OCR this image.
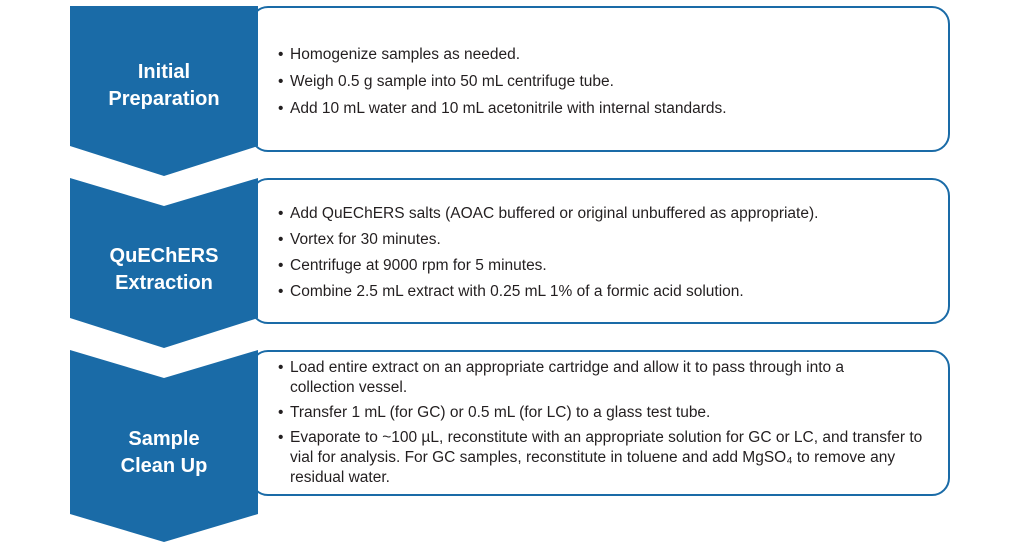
Initial
Preparation
• Homogenize samples as needed.
• Weigh 0.5 g sample into 50 mL centrifuge tube.
• Add 10 mL water and 10 mL acetonitrile with internal standards.
QuEChERS
Extraction
• Add QuEChERS salts (AOAC buffered or original unbuffered as appropriate).
• Vortex for 30 minutes.
• Centrifuge at 9000 rpm for 5 minutes.
• Combine 2.5 mL extract with 0.25 mL 1% of a formic acid solution.
Sample
Clean Up
• Load entire extract on an appropriate cartridge and allow it to pass through into a collection vessel.
• Transfer 1 mL (for GC) or 0.5 mL (for LC) to a glass test tube.
• Evaporate to ~100 µL, reconstitute with an appropriate solution for GC or LC, and transfer to vial for analysis. For GC samples, reconstitute in toluene and add MgSO₄ to remove any residual water.
